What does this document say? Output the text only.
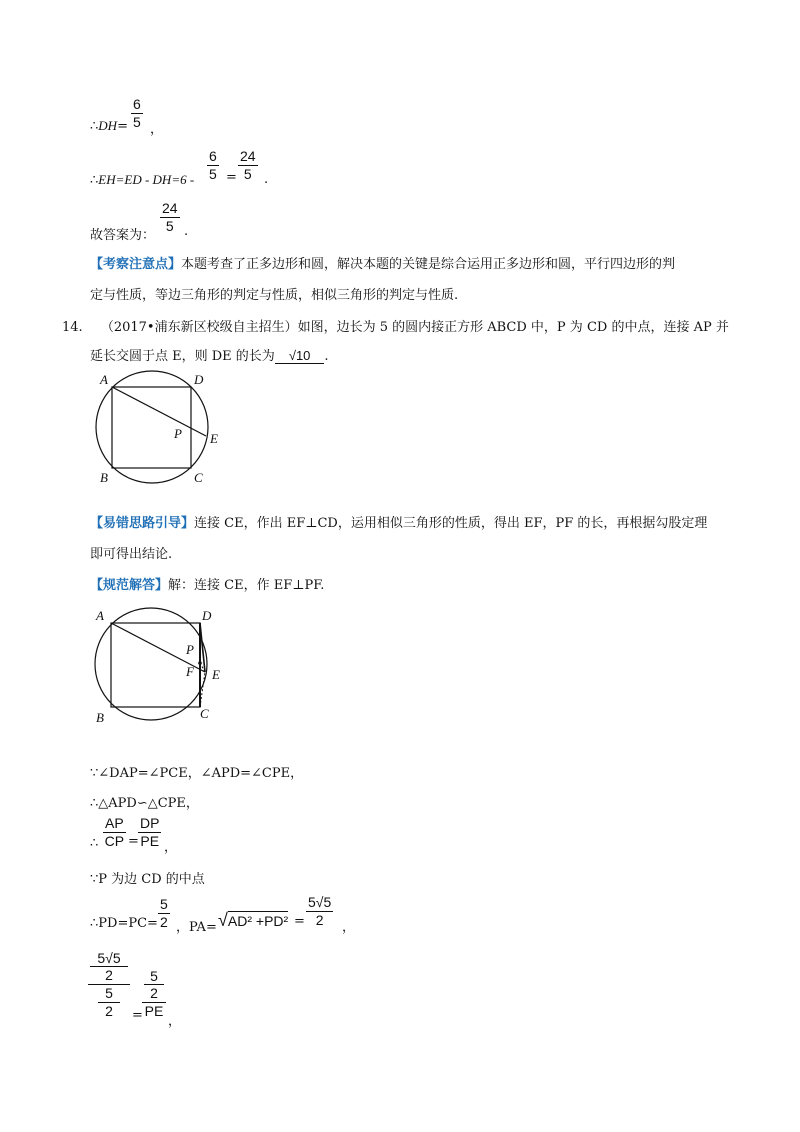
∴DH= $\frac{6}{5}$ ，
∴EH=ED - $DH=6 - \frac{6}{5} = \frac{24}{5}$ .
故答案为：
$\frac{24}{5}$ .
【考察注意点】本题考查了正多边形和圆，解决本题的关键是综合运用正多边形和圆，平行四边形的判
定与性质，等边三角形的判定与性质，相似三角形的判定与性质.
14. （2017•浦东新区校级自主招生）如图，边长为 5 的圆内接正方形 ABCD 中，P 为 CD 的中点，连接 AP 并
延长交圆于点 E，则 DE 的长为 √10 .
A	D
P E
B	C
【易错思路引导】连接 CE，作出 EF⊥CD，运用相似三角形的性质，得出 EF，PF 的长，再根据勾股定理
即可得出结论.
【规范解答】解：连接 CE，作 EF⊥PF.
A	D
P
F E
B	C
∵∠DAP=∠PCE，∠APD=∠CPE，
∴△APD∽△CPE，
∴ $\frac{AP}{CP} = \frac{DP}{PE}$ ，
∵P 为边 CD 的中点
∴PD=PC= $\frac{5}{2}$ ，$PA= √AD^2 +PD^2 = \frac{5√5}{2}$ ，
5√5
2
5
2 = 5
2
PE
，
